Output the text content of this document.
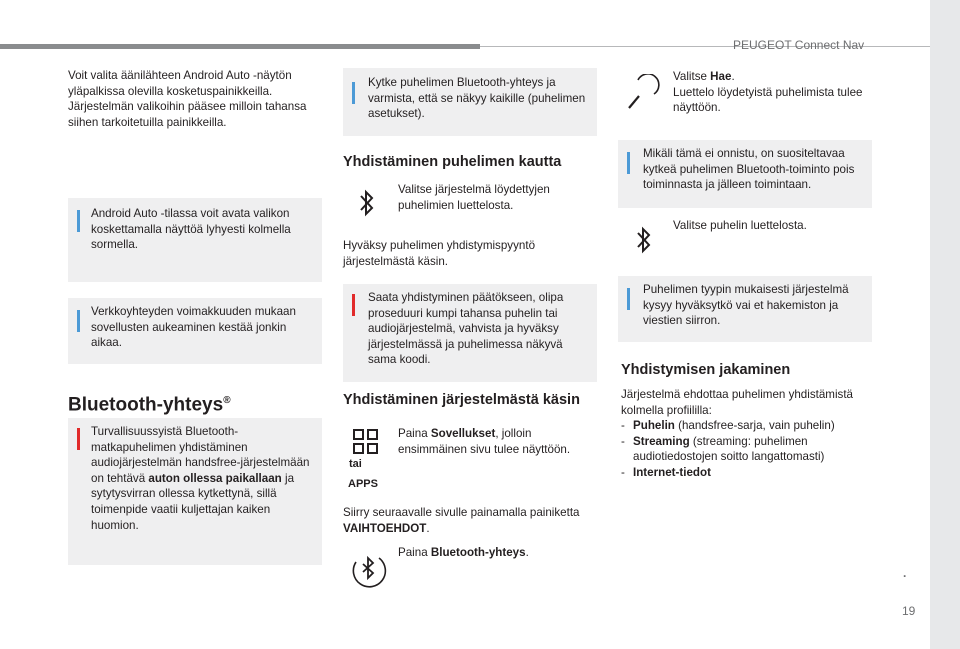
PEUGEOT Connect Nav
.
19
Voit valita äänilähteen Android Auto -näytön yläpalkissa olevilla kosketuspainikkeilla. Järjestelmän valikoihin pääsee milloin tahansa siihen tarkoitetuilla painikkeilla.
Android Auto -tilassa voit avata valikon koskettamalla näyttöä lyhyesti kolmella sormella.
Verkkoyhteyden voimakkuuden mukaan sovellusten aukeaminen kestää jonkin aikaa.
Bluetooth-yhteys®
Turvallisuussyistä Bluetooth-matkapuhelimen yhdistäminen audiojärjestelmän handsfree-järjestelmään on tehtävä auton ollessa paikallaan ja sytytysvirran ollessa kytkettynä, sillä toimenpide vaatii kuljettajan kaiken huomion.
Kytke puhelimen Bluetooth-yhteys ja varmista, että se näkyy kaikille (puhelimen asetukset).
Yhdistäminen puhelimen kautta
Valitse järjestelmä löydettyjen puhelimien luettelosta.
Hyväksy puhelimen yhdistymispyyntö järjestelmästä käsin.
Saata yhdistyminen päätökseen, olipa proseduuri kumpi tahansa puhelin tai audiojärjestelmä, vahvista ja hyväksy järjestelmässä ja puhelimessa näkyvä sama koodi.
Yhdistäminen järjestelmästä käsin
tai
APPS
Paina Sovellukset, jolloin ensimmäinen sivu tulee näyttöön.
Siirry seuraavalle sivulle painamalla painiketta VAIHTOEHDOT.
Paina Bluetooth-yhteys.
Valitse Hae.
Luettelo löydetyistä puhelimista tulee näyttöön.
Mikäli tämä ei onnistu, on suositeltavaa kytkeä puhelimen Bluetooth-toiminto pois toiminnasta ja jälleen toimintaan.
Valitse puhelin luettelosta.
Puhelimen tyypin mukaisesti järjestelmä kysyy hyväksytkö vai et hakemiston ja viestien siirron.
Yhdistymisen jakaminen
Järjestelmä ehdottaa puhelimen yhdistämistä kolmella profiililla:
- Puhelin (handsfree-sarja, vain puhelin)
- Streaming (streaming: puhelimen audiotiedostojen soitto langattomasti)
- Internet-tiedot
